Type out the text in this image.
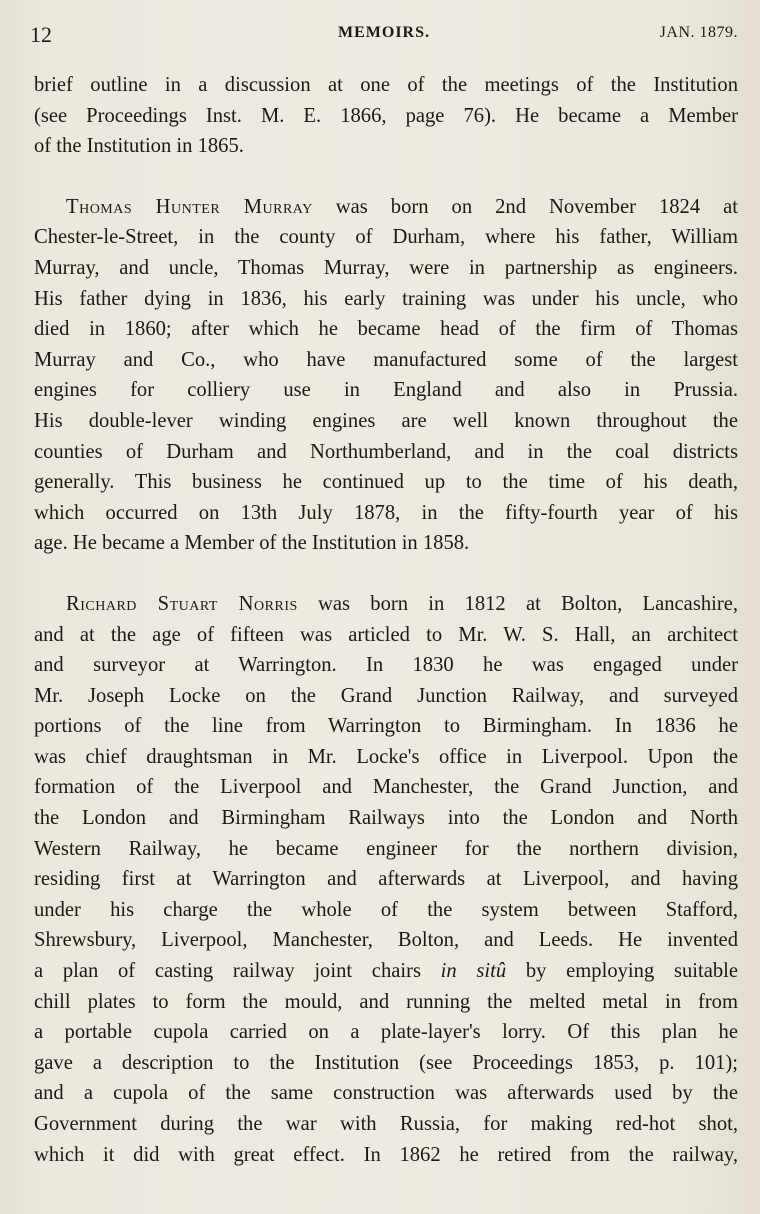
12	MEMOIRS.	JAN. 1879.
brief outline in a discussion at one of the meetings of the Institution
(see Proceedings Inst. M. E. 1866, page 76). He became a Member
of the Institution in 1865.
Thomas Hunter Murray was born on 2nd November 1824 at
Chester-le-Street, in the county of Durham, where his father, William
Murray, and uncle, Thomas Murray, were in partnership as engineers.
His father dying in 1836, his early training was under his uncle, who
died in 1860; after which he became head of the firm of Thomas
Murray and Co., who have manufactured some of the largest
engines for colliery use in England and also in Prussia.
His double-lever winding engines are well known throughout the
counties of Durham and Northumberland, and in the coal districts
generally. This business he continued up to the time of his death,
which occurred on 13th July 1878, in the fifty-fourth year of his
age. He became a Member of the Institution in 1858.
Richard Stuart Norris was born in 1812 at Bolton, Lancashire,
and at the age of fifteen was articled to Mr. W. S. Hall, an architect
and surveyor at Warrington. In 1830 he was engaged under
Mr. Joseph Locke on the Grand Junction Railway, and surveyed
portions of the line from Warrington to Birmingham. In 1836 he
was chief draughtsman in Mr. Locke's office in Liverpool. Upon the
formation of the Liverpool and Manchester, the Grand Junction, and
the London and Birmingham Railways into the London and North
Western Railway, he became engineer for the northern division,
residing first at Warrington and afterwards at Liverpool, and having
under his charge the whole of the system between Stafford,
Shrewsbury, Liverpool, Manchester, Bolton, and Leeds. He invented
a plan of casting railway joint chairs in sitû by employing suitable
chill plates to form the mould, and running the melted metal in from
a portable cupola carried on a plate-layer's lorry. Of this plan he
gave a description to the Institution (see Proceedings 1853, p. 101);
and a cupola of the same construction was afterwards used by the
Government during the war with Russia, for making red-hot shot,
which it did with great effect. In 1862 he retired from the railway,
